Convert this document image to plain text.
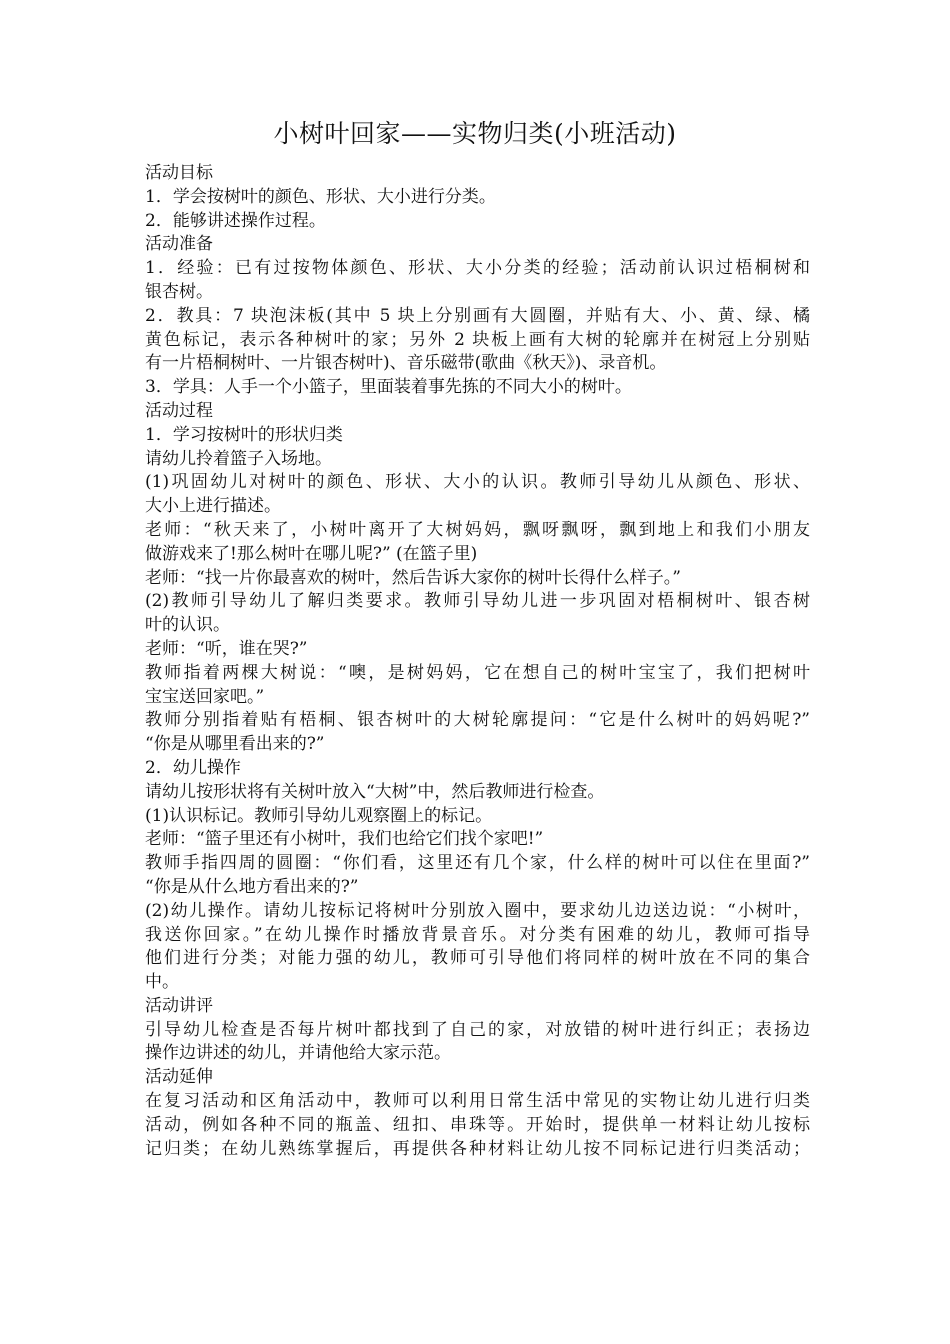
小树叶回家——实物归类(小班活动)
活动目标
1．学会按树叶的颜色、形状、大小进行分类。
2．能够讲述操作过程。
活动准备
1．经验：已有过按物体颜色、形状、大小分类的经验；活动前认识过梧桐树和
银杏树。
2．教具：7 块泡沫板(其中 5 块上分别画有大圆圈，并贴有大、小、黄、绿、橘
黄色标记，表示各种树叶的家；另外 2 块板上画有大树的轮廓并在树冠上分别贴
有一片梧桐树叶、一片银杏树叶)、音乐磁带(歌曲《秋天》)、录音机。
3．学具：人手一个小篮子，里面装着事先拣的不同大小的树叶。
活动过程
1．学习按树叶的形状归类
请幼儿拎着篮子入场地。
(1)巩固幼儿对树叶的颜色、形状、大小的认识。教师引导幼儿从颜色、形状、
大小上进行描述。
老师：“秋天来了，小树叶离开了大树妈妈，飘呀飘呀，飘到地上和我们小朋友
做游戏来了!那么树叶在哪儿呢?” (在篮子里)
老师：“找一片你最喜欢的树叶，然后告诉大家你的树叶长得什么样子。”
(2)教师引导幼儿了解归类要求。教师引导幼儿进一步巩固对梧桐树叶、银杏树
叶的认识。
老师：“听，谁在哭?”
教师指着两棵大树说：“噢，是树妈妈，它在想自己的树叶宝宝了，我们把树叶
宝宝送回家吧。”
教师分别指着贴有梧桐、银杏树叶的大树轮廓提问：“它是什么树叶的妈妈呢?”
“你是从哪里看出来的?”
2．幼儿操作
请幼儿按形状将有关树叶放入“大树”中，然后教师进行检查。
(1)认识标记。教师引导幼儿观察圈上的标记。
老师：“篮子里还有小树叶，我们也给它们找个家吧!”
教师手指四周的圆圈：“你们看，这里还有几个家，什么样的树叶可以住在里面?”
“你是从什么地方看出来的?”
(2)幼儿操作。请幼儿按标记将树叶分别放入圈中，要求幼儿边送边说：“小树叶，
我送你回家。”在幼儿操作时播放背景音乐。对分类有困难的幼儿，教师可指导
他们进行分类；对能力强的幼儿，教师可引导他们将同样的树叶放在不同的集合
中。
活动讲评
引导幼儿检查是否每片树叶都找到了自己的家，对放错的树叶进行纠正；表扬边
操作边讲述的幼儿，并请他给大家示范。
活动延伸
在复习活动和区角活动中，教师可以利用日常生活中常见的实物让幼儿进行归类
活动，例如各种不同的瓶盖、纽扣、串珠等。开始时，提供单一材料让幼儿按标
记归类；在幼儿熟练掌握后，再提供各种材料让幼儿按不同标记进行归类活动；
